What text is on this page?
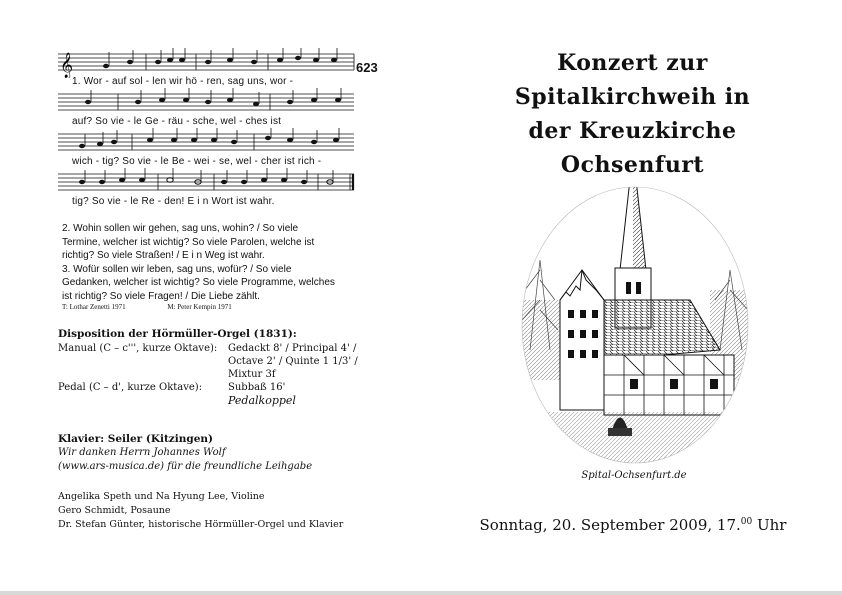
𝄞	623
1. Wor - auf sol - len wir hö - ren, sag uns, wor -
auf? So vie - le Ge - räu - sche, wel - ches ist
wich - tig? So vie - le Be - wei - se, wel - cher ist rich -
tig? So vie - le Re - den! E i n Wort ist wahr.
2. Wohin sollen wir gehen, sag uns, wohin? / So viele
Termine, welcher ist wichtig? So viele Parolen, welche ist
richtig? So viele Straßen! / E i n Weg ist wahr.
3. Wofür sollen wir leben, sag uns, wofür? / So viele
Gedanken, welcher ist wichtig? So viele Programme, welches
ist richtig? So viele Fragen! / Die Liebe zählt.
T: Lothar Zenetti 1971	M: Peter Kempin 1971
Disposition der Hörmüller-Orgel (1831):
Manual (C – c''', kurze Oktave):	Gedackt 8' / Principal 4' /
Octave 2' / Quinte 1 1/3' /
Mixtur 3f
Pedal (C – d', kurze Oktave):	Subbaß 16'
Pedalkoppel
Klavier: Seiler (Kitzingen)
Wir danken Herrn Johannes Wolf
(www.ars-musica.de) für die freundliche Leihgabe
Angelika Speth und Na Hyung Lee, Violine
Gero Schmidt, Posaune
Dr. Stefan Günter, historische Hörmüller-Orgel und Klavier
Konzert zur Spitalkirchweih in
der Kreuzkirche Ochsenfurt
Spital-Ochsenfurt.de
Sonntag, 20. September 2009, 17.00 Uhr
